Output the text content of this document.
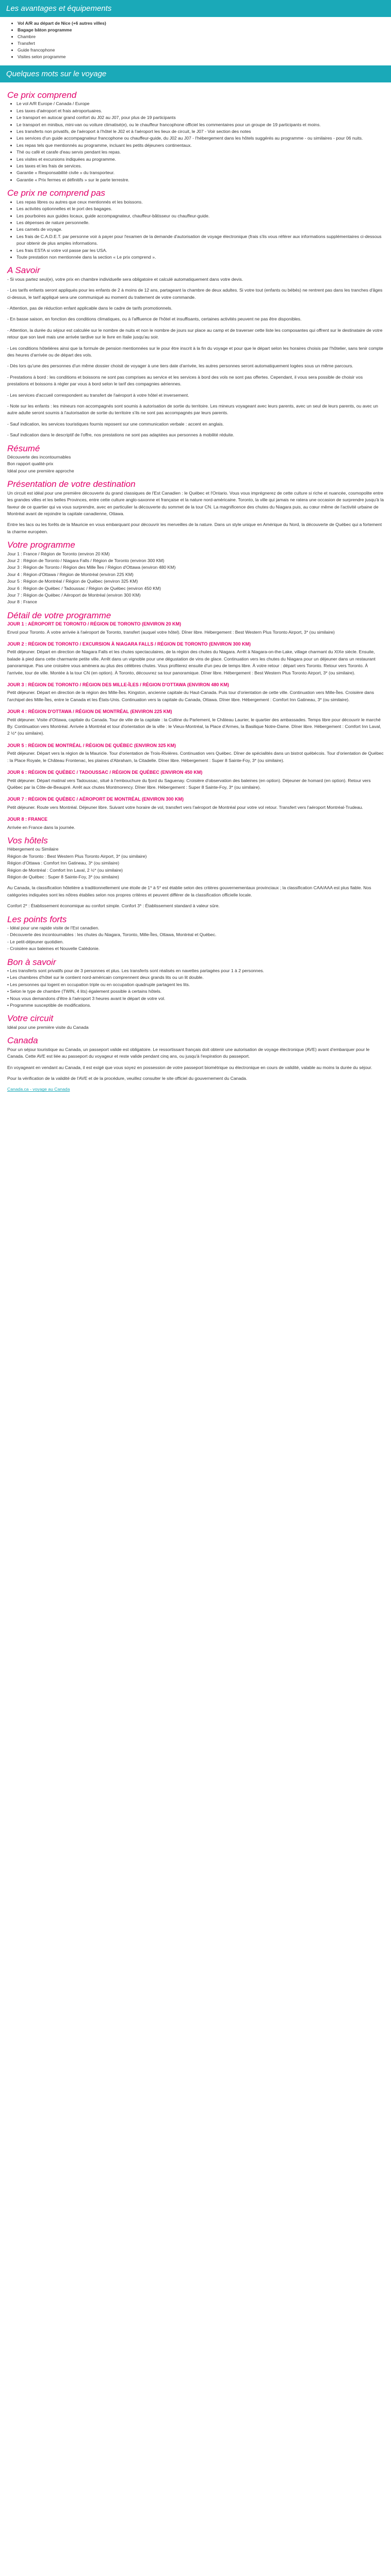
Les avantages et équipements
• Vol A/R au départ de Nice (+6 autres villes)
• Bagage bâton programme
• Chambre
• Transfert
• Guide francophone
• Visites selon programme
Quelques mots sur le voyage
Ce prix comprend
• Le vol A/R Europe / Canada / Europe
• Les taxes d'aéroport et frais aéroportuaires.
• Le transport en autocar grand confort du J02 au J07, pour plus de 19 participants
• Le transport en minibus, mini-van ou voiture climatisé(e), ou le chauffeur francophone officiel les commentaires pour un groupe de 19 participants et moins.
• Les transferts non privatifs, de l'aéroport à l'hôtel le J02 et à l'aéroport les lieux de circuit, le J07 - Voir section des notes
• Les services d'un guide accompagnateur francophone ou chauffeur-guide, du J02 au J07 - l'hébergement dans les hôtels suggérés au programme - ou similaires - pour 06 nuits.
• Les repas tels que mentionnés au programme, incluant les petits déjeuners continentaux.
• Thé ou café et carafe d'eau servis pendant les repas.
• Les visites et excursions indiquées au programme.
• Les taxes et les frais de services.
• Garantie « Responsabilité civile » du transporteur.
• Garantie « Prix fermes et définitifs » sur le parte terrestre.
Ce prix ne comprend pas
• Les repas libres ou autres que ceux mentionnés et les boissons.
• Les activités optionnelles et le port des bagages.
• Les pourboires aux guides locaux, guide accompagnateur, chauffeur-bâtisseur ou chauffeur-guide.
• Les dépenses de nature personnelle.
• Les carnets de voyage.
• Les frais de C.A.D.E.T. par personne voir à payer pour l'examen de la demande d'autorisation de voyage électronique (frais s'ils vous référer aux informations supplémentaires ci-dessous pour obtenir de plus amples informations.
• Les frais ESTA si votre vol passe par les USA.
• Toute prestation non mentionnée dans la section « Le prix comprend ».
A Savoir

- Si vous partez seul(e), votre prix en chambre individuelle sera obligatoire et calculé automatiquement dans votre devis.

- Les tarifs enfants seront appliqués pour les enfants de 2 à moins de 12 ans, partageant la chambre de deux adultes. Si votre tout (enfants ou bébés) ne rentrent pas dans les tranches d'âges ci-dessus, le tarif appliqué sera une communiqué au moment du traitement de votre commande.

- Attention, pas de réduction enfant applicable dans le cadre de tarifs promotionnels.

- En basse saison, en fonction des conditions climatiques, ou à l'affluence de l'hôtel et insuffisants, certaines activités peuvent ne pas être disponibles.

- Attention, la durée du séjour est calculée sur le nombre de nuits et non le nombre de jours sur place au camp et de traverser cette liste les composantes qui offrent sur le destinataire de votre retour que son lavé mais une arrivée tardive sur le livre en Italie jusqu'au soir.

- Les conditions hôtelières ainsi que la formule de pension mentionnées sur le pour être inscrit à la fin du voyage et pour que le départ selon les horaires choisis par l'hôtelier, sans tenir compte des heures d'arrivée ou de départ des vols.

- Dès lors qu'une des personnes d'un même dossier choisit de voyager à une tiers date d'arrivée, les autres personnes seront automatiquement logées sous un même parcours.

- Prestations à bord : les conditions et boissons ne sont pas comprises au service et les services à bord des vols ne sont pas offertes. Cependant, il vous sera possible de choisir vos prestations et boissons à régler par vous à bord selon le tarif des compagnies aériennes.

- Les services d'accueil correspondent au transfert de l'aéroport à votre hôtel et inversement.

- Note sur les enfants : les mineurs non accompagnés sont soumis à autorisation de sortie du territoire. Les mineurs voyageant avec leurs parents, avec un seul de leurs parents, ou avec un autre adulte seront soumis à l'autorisation de sortie du territoire s'ils ne sont pas accompagnés par leurs parents.

- Sauf indication, les services touristiques fournis reposent sur une communication verbale : accent en anglais.

- Sauf indication dans le descriptif de l'offre, nos prestations ne sont pas adaptées aux personnes à mobilité réduite.

Résumé
Découverte des incontournables
Bon rapport qualité-prix
Idéal pour une première approche
Présentation de votre destination

Un circuit est idéal pour une première découverte du grand classiques de l'Est Canadien : le Québec et l'Ontario. Vous vous imprégnerez de cette culture si riche et nuancée, cosmopolite entre les grandes villes et les belles Provinces, entre cette culture anglo-saxonne et française et la nature nord-américaine. Toronto, la ville qui jamais ne ratera une occasion de surprendre jusqu'à la faveur de ce quartier qui va vous surprendre, avec en particulier la découverte du sommet de la tour CN. La magnificence des chutes du Niagara puis, au cœur même de l'activité urbaine de Montréal avant de rejoindre la capitale canadienne, Ottawa.

Entre les lacs ou les forêts de la Mauricie en vous embarquant pour découvrir les merveilles de la nature. Dans un style unique en Amérique du Nord, la découverte de Québec qui a fortement la charme européen.

Votre programme
Jour 1 : France / Région de Toronto (environ 20 KM)
Jour 2 : Région de Toronto / Niagara Falls / Région de Toronto (environ 300 KM)
Jour 3 : Région de Toronto / Région des Mille Îles / Région d'Ottawa (environ 480 KM)
Jour 4 : Région d'Ottawa / Région de Montréal (environ 225 KM)
Jour 5 : Région de Montréal / Région de Québec (environ 325 KM)
Jour 6 : Région de Québec / Tadoussac / Région de Québec (environ 450 KM)
Jour 7 : Région de Québec / Aéroport de Montréal (environ 300 KM)
Jour 8 : France
Détail de votre programme
JOUR 1 : AÉROPORT DE TORONTO / RÉGION DE TORONTO (ENVIRON 20 KM)
Envol pour Toronto. À votre arrivée à l'aéroport de Toronto, transfert (auquel votre hôtel). Dîner libre. Hébergement : Best Western Plus Toronto Airport, 3* (ou similaire)
JOUR 2 : RÉGION DE TORONTO / EXCURSION À NIAGARA FALLS / RÉGION DE TORONTO (ENVIRON 300 KM)
Petit déjeuner. Départ en direction de Niagara Falls et les chutes spectaculaires, de la région des chutes du Niagara. Arrêt à Niagara-on-the-Lake, village charmant du XIXe siècle. Ensuite, balade à pied dans cette charmante petite ville. Arrêt dans un vignoble pour une dégustation de vins de glace. Continuation vers les chutes du Niagara pour un déjeuner dans un restaurant panoramique. Pas une croisière vous amènera au plus des célèbres chutes. Vous profiterez ensuite d'un peu de temps libre. À votre retour : départ vers Toronto. Retour vers Toronto. À l'arrivée, tour de ville. Montée à la tour CN (en option). À Toronto, découvrez sa tour panoramique. Dîner libre. Hébergement : Best Western Plus Toronto Airport, 3* (ou similaire).
JOUR 3 : RÉGION DE TORONTO / RÉGION DES MILLE-ÎLES / RÉGION D'OTTAWA (ENVIRON 480 KM)
Petit déjeuner. Départ en direction de la région des Mille-Îles. Kingston, ancienne capitale du Haut-Canada. Puis tour d'orientation de cette ville. Continuation vers Mille-Îles. Croisière dans l'archipel des Mille-Îles, entre le Canada et les États-Unis. Continuation vers la capitale du Canada, Ottawa. Dîner libre. Hébergement : Comfort Inn Gatineau, 3* (ou similaire).
JOUR 4 : RÉGION D'OTTAWA / RÉGION DE MONTRÉAL (ENVIRON 225 KM)
Petit déjeuner. Visite d'Ottawa, capitale du Canada. Tour de ville de la capitale : la Colline du Parlement, le Château Laurier, le quartier des ambassades. Temps libre pour découvrir le marché By. Continuation vers Montréal. Arrivée à Montréal et tour d'orientation de la ville : le Vieux-Montréal, la Place d'Armes, la Basilique Notre-Dame. Dîner libre. Hébergement : Comfort Inn Laval, 2 ½* (ou similaire).
JOUR 5 : RÉGION DE MONTRÉAL / RÉGION DE QUÉBEC (ENVIRON 325 KM)
Petit déjeuner. Départ vers la région de la Mauricie. Tour d'orientation de Trois-Rivières. Continuation vers Québec. Dîner de spécialités dans un bistrot québécois. Tour d'orientation de Québec : la Place Royale, le Château Frontenac, les plaines d'Abraham, la Citadelle. Dîner libre. Hébergement : Super 8 Sainte-Foy, 3* (ou similaire).
JOUR 6 : RÉGION DE QUÉBEC / TADOUSSAC / RÉGION DE QUÉBEC (ENVIRON 450 KM)
Petit déjeuner. Départ matinal vers Tadoussac, situé à l'embouchure du fjord du Saguenay. Croisière d'observation des baleines (en option). Déjeuner de homard (en option). Retour vers Québec par la Côte-de-Beaupré. Arrêt aux chutes Montmorency. Dîner libre. Hébergement : Super 8 Sainte-Foy, 3* (ou similaire).
JOUR 7 : RÉGION DE QUÉBEC / AÉROPORT DE MONTRÉAL (ENVIRON 300 KM)
Petit déjeuner. Route vers Montréal. Déjeuner libre. Suivant votre horaire de vol, transfert vers l'aéroport de Montréal pour votre vol retour. Transfert vers l'aéroport Montréal-Trudeau.
JOUR 8 : FRANCE
Arrivée en France dans la journée.
Vos hôtels
Hébergement ou Similaire
Région de Toronto : Best Western Plus Toronto Airport, 3* (ou similaire)
Région d'Ottawa : Comfort Inn Gatineau, 3* (ou similaire)
Région de Montréal : Comfort Inn Laval, 2 ½* (ou similaire)
Région de Québec : Super 8 Sainte-Foy, 3* (ou similaire)

Au Canada, la classification hôtelière a traditionnellement une étoile de 1* à 5* est établie selon des critères gouvernementaux provinciaux ; la classification CAA/AAA est plus fiable. Nos catégories indiquées sont les nôtres établies selon nos propres critères et peuvent différer de la classification officielle locale.

Confort 2* : Établissement économique au confort simple. Confort 3* : Établissement standard à valeur sûre.

Les points forts
- Idéal pour une rapide visite de l'Est canadien.
- Découverte des incontournables : les chutes du Niagara, Toronto, Mille-Îles, Ottawa, Montréal et Québec.
- Le petit-déjeuner quotidien.
- Croisière aux baleines et Nouvelle Calédonie.
Bon à savoir
• Les transferts sont privatifs pour de 3 personnes et plus. Les transferts sont réalisés en navettes partagées pour 1 à 2 personnes.
• Les chambres d'hôtel sur le contient nord-américain comprennent deux grands lits ou un lit double.
• Les personnes qui logent en occupation triple ou en occupation quadruple partagent les lits.
• Selon le type de chambre (TWIN, 4 lits) également possible à certains hôtels.
• Nous vous demandons d'être à l'aéroport 3 heures avant le départ de votre vol.
• Programme susceptible de modifications.
Votre circuit
Idéal pour une première visite du Canada
Canada

Pour un séjour touristique au Canada, un passeport valide est obligatoire. Le ressortissant français doit obtenir une autorisation de voyage électronique (AVE) avant d'embarquer pour le Canada. Cette AVE est liée au passeport du voyageur et reste valide pendant cinq ans, ou jusqu'à l'expiration du passeport.

En voyageant en vendant au Canada, il est exigé que vous soyez en possession de votre passeport biométrique ou électronique en cours de validité, valable au moins la durée du séjour.

Pour la vérification de la validité de l'AVE et de la procédure, veuillez consulter le site officiel du gouvernement du Canada.

Canada.ca - voyage au Canada
